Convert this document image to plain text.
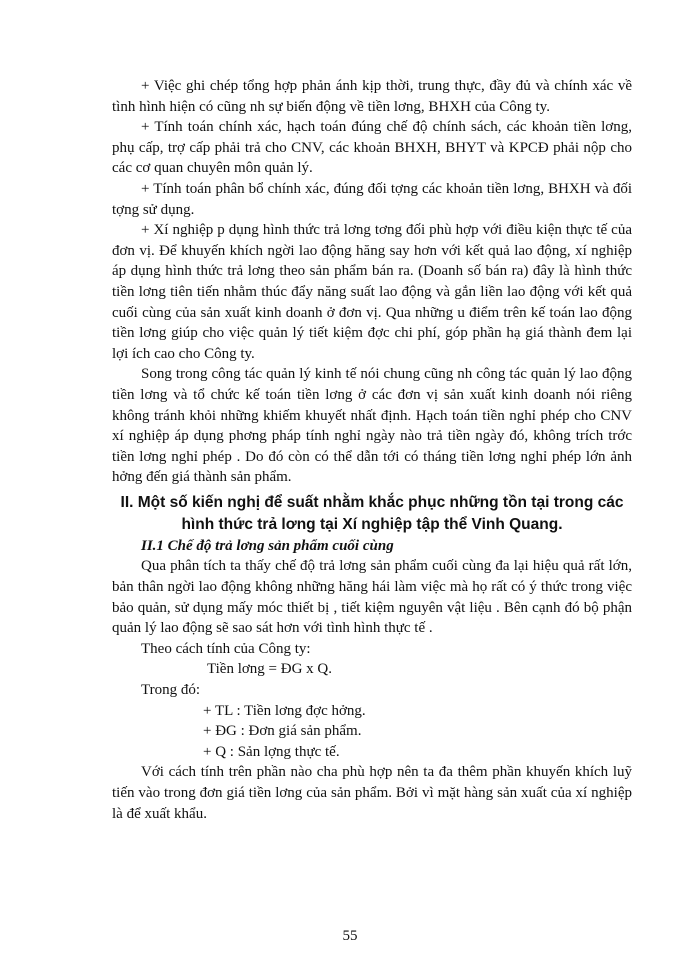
+ Việc ghi chép tổng hợp phản ánh kịp thời, trung thực, đầy đủ và chính xác về tình hình hiện có cũng nh sự biến động về tiền lơng, BHXH của Công ty.

+ Tính toán chính xác, hạch toán đúng chế độ chính sách, các khoản tiền lơng, phụ cấp, trợ cấp phải trả cho CNV, các khoản BHXH, BHYT và KPCĐ phải nộp cho các cơ quan chuyên môn quản lý.

+ Tính toán phân bổ chính xác, đúng đối tợng các khoản tiền lơng, BHXH và đối tợng sử dụng.

+ Xí nghiệp p dụng hình thức trả lơng tơng đối phù hợp với điều kiện thực tế của đơn vị. Để khuyến khích ngời lao động hăng say hơn với kết quả lao động, xí nghiệp áp dụng hình thức trả lơng theo sản phẩm bán ra. (Doanh số bán ra) đây là hình thức tiền lơng tiên tiến nhằm thúc đẩy năng suất lao động và gắn liền lao động với kết quả cuối cùng của sản xuất kinh doanh ở đơn vị. Qua những u điểm trên kế toán lao động tiền lơng giúp cho việc quản lý tiết kiệm đợc chi phí, góp phần hạ giá thành đem lại lợi ích cao cho Công ty.

Song trong công tác quản lý kinh tế nói chung cũng nh công tác quản lý lao động tiền lơng và tổ chức kế toán tiền lơng ở các đơn vị sản xuất kinh doanh nói riêng không tránh khỏi những khiếm khuyết nhất định. Hạch toán tiền nghỉ phép cho CNV xí nghiệp áp dụng phơng pháp tính nghỉ ngày nào trả tiền ngày đó, không trích trớc tiền lơng nghỉ phép . Do đó còn có thể dẫn tới có tháng tiền lơng nghỉ phép lớn ảnh hởng đến giá thành sản phẩm.

II. Một số kiến nghị để suất nhằm khắc phục những tồn tại trong các hình thức trả lơng tại Xí nghiệp tập thể Vinh Quang.

II.1 Chế độ trả lơng sản phẩm cuối cùng

Qua phân tích ta thấy chế độ trả lơng sản phẩm cuối cùng đa lại hiệu quả rất lớn, bản thân ngời lao động không những hăng hái làm việc mà họ rất có ý thức trong việc bảo quản, sử dụng mấy móc thiết bị , tiết kiệm nguyên vật liệu . Bên cạnh đó bộ phận quản lý lao động sẽ sao sát hơn với tình hình thực tế .

Theo cách tính của Công ty:

Tiền lơng = ĐG x Q.

Trong đó:

+ TL : Tiền lơng đợc hởng.

+ ĐG : Đơn giá sản phẩm.

+ Q : Sản lợng thực tế.

Với cách tính trên phần nào cha phù hợp nên ta đa thêm phần khuyến khích luỹ tiến vào trong đơn giá tiền lơng của sản phẩm. Bởi vì mặt hàng sản xuất của xí nghiệp là để xuất khẩu.

55
